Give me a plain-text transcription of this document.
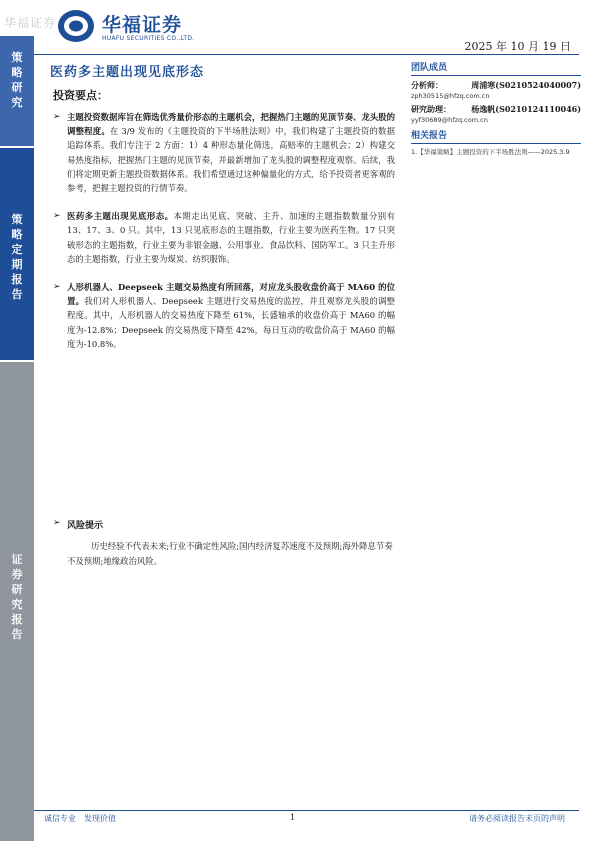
华福证券 华福证券
HUAFU SECURITIES CO.,LTD.
2025 年 10 月 19 日
策
略
研
究
策
略
定
期
报
告
证
券
研
究
报
告
医药多主题出现见底形态
投资要点：
➢ 主题投资数据库旨在筛选优秀量价形态的主题机会，把握热门主题的见顶节奏、龙头股的调整程度。在 3/9 发布的《主题投资的下半场胜法则》中，我们构建了主题投资的数据追踪体系。我们专注于 2 方面：1）4 种形态量化筛选，高赔率的主题机会；2）构建交易热度指标，把握热门主题的见顶节奏，并最新增加了龙头股的调整程度观察。后续，我们将定期更新主题投资数据体系。我们希望通过这种偏量化的方式，给予投资者更客观的参考，把握主题投资的行情节奏。
➢ 医药多主题出现见底形态。本期走出见底、突破、主升、加速的主题指数数量分别有 13、17、3、0 只。其中，13 只见底形态的主题指数，行业主要为医药生物。17 只突破形态的主题指数，行业主要为非银金融、公用事业、食品饮料、国防军工。3 只主升形态的主题指数，行业主要为煤炭、纺织服饰。
➢ 人形机器人、Deepseek 主题交易热度有所回落，对应龙头股收盘价高于 MA60 的位置。我们对人形机器人、Deepseek 主题进行交易热度的监控，并且观察龙头股的调整程度。其中，人形机器人的交易热度下降至 61%，长盛轴承的收盘价高于 MA60 的幅度为-12.8%；Deepseek 的交易热度下降至 42%，每日互动的收盘价高于 MA60 的幅度为-10.8%。
➢ 风险提示
历史经验不代表未来;行业不确定性风险;国内经济复苏速度不及预期;海外降息节奏不及预期;地缘政治风险。
团队成员
分析师：	周浦寒(S0210524040007)
zph30515@hfzq.com.cn
研究助理：	杨逸帆(S0210124110046)
yyf30689@hfzq.com.cn
相关报告
1.【华福策略】主题投资的下半场胜法则——2025.3.9
诚信专业　发现价值	1	请务必阅读报告末页的声明
